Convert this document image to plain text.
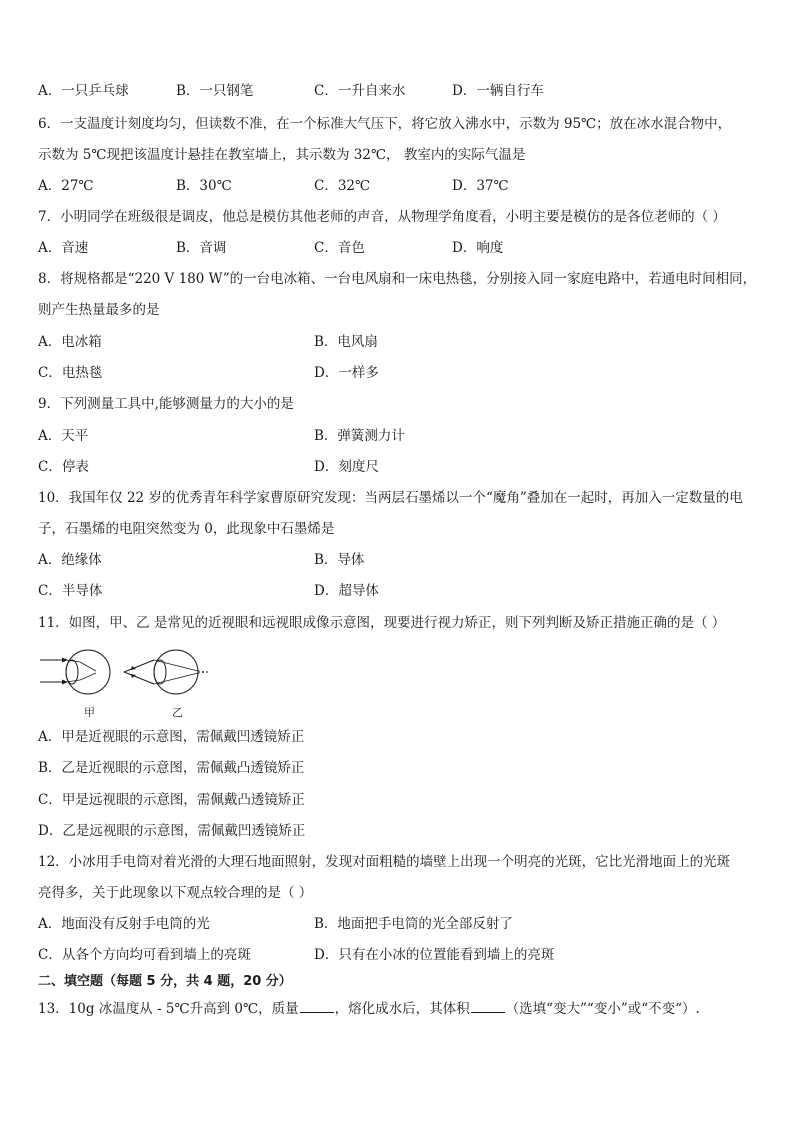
A．一只乒乓球	B．一只钢笔	C．一升自来水	D．一辆自行车
6．一支温度计刻度均匀，但读数不准，在一个标准大气压下，将它放入沸水中，示数为 95℃；放在冰水混合物中，
示数为 5℃现把该温度计悬挂在教室墙上，其示数为 32℃， 教室内的实际气温是
A．27℃	B．30℃	C．32℃	D．37℃
7．小明同学在班级很是调皮，他总是模仿其他老师的声音，从物理学角度看，小明主要是模仿的是各位老师的（ ）
A．音速	B．音调	C．音色	D．响度
8．将规格都是“220 V 180 W”的一台电冰箱、一台电风扇和一床电热毯，分别接入同一家庭电路中，若通电时间相同，
则产生热量最多的是
A．电冰箱	B．电风扇
C．电热毯	D．一样多
9．下列测量工具中,能够测量力的大小的是
A．天平	B．弹簧测力计
C．停表	D．刻度尺
10．我国年仅 22 岁的优秀青年科学家曹原研究发现：当两层石墨烯以一个“魔角”叠加在一起时，再加入一定数量的电
子，石墨烯的电阻突然变为 0，此现象中石墨烯是
A．绝缘体	B．导体
C．半导体	D．超导体
11．如图，甲、乙 是常见的近视眼和远视眼成像示意图，现要进行视力矫正，则下列判断及矫正措施正确的是（ ）
甲	乙
A．甲是近视眼的示意图，需佩戴凹透镜矫正
B．乙是近视眼的示意图，需佩戴凸透镜矫正
C．甲是远视眼的示意图，需佩戴凸透镜矫正
D．乙是远视眼的示意图，需佩戴凹透镜矫正
12．小冰用手电筒对着光滑的大理石地面照射，发现对面粗糙的墙壁上出现一个明亮的光斑，它比光滑地面上的光斑
亮得多，关于此现象以下观点较合理的是（ ）
A．地面没有反射手电筒的光	B．地面把手电筒的光全部反射了
C．从各个方向均可看到墙上的亮斑	D．只有在小冰的位置能看到墙上的亮斑
二、填空题（每题 5 分，共 4 题，20 分）
13．10g 冰温度从 - 5℃升高到 0℃，质量	，熔化成水后，其体积	（选填“变大”“变小”或“不变“）.
